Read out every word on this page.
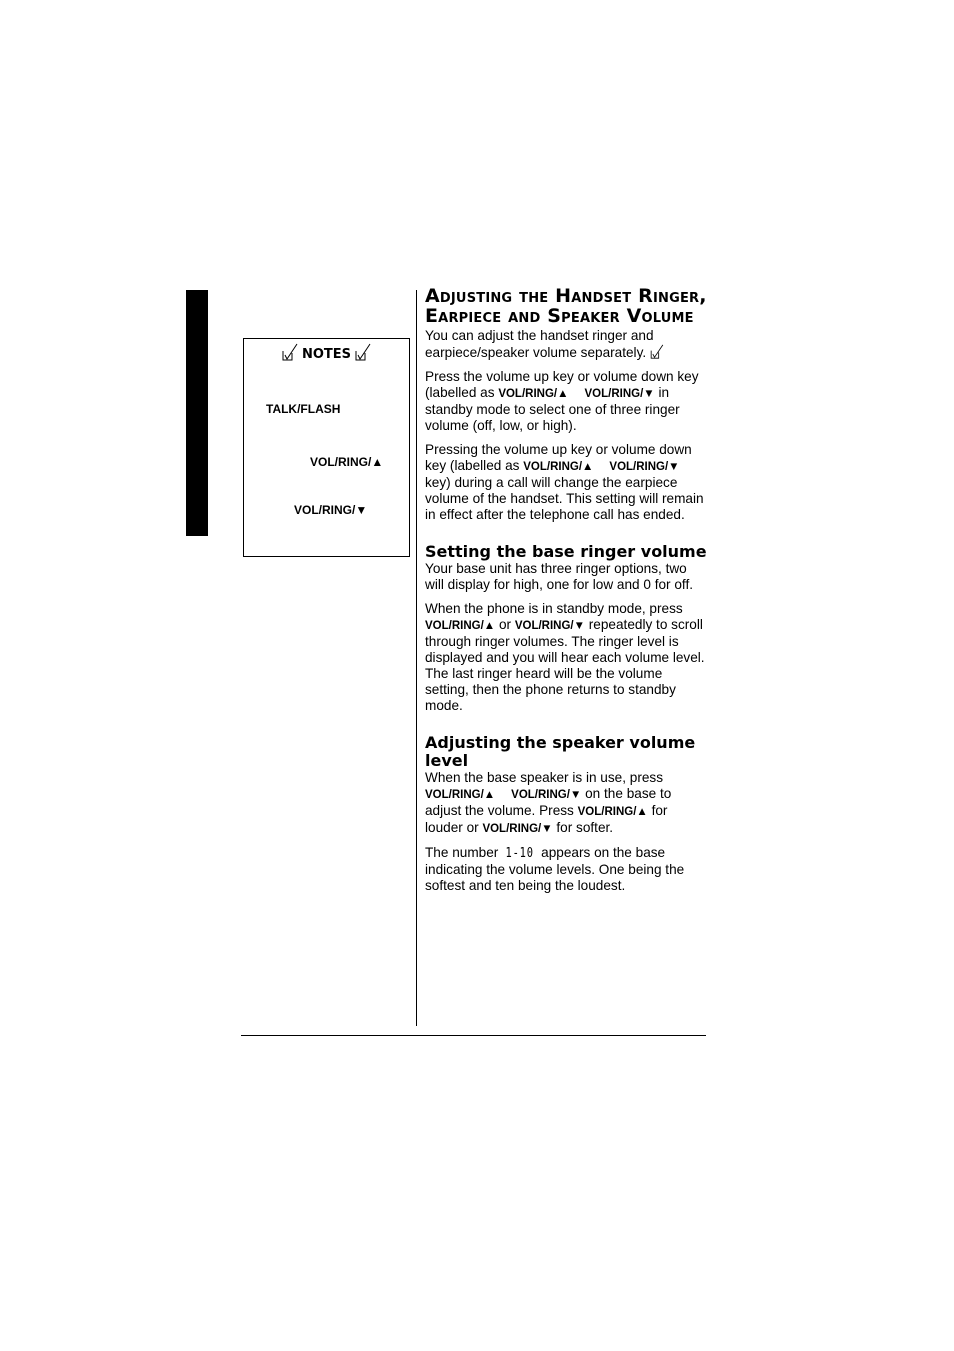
NOTES
TALK/FLASH
VOL/RING/▲
VOL/RING/▼
Adjusting the Handset Ringer, Earpiece and Speaker Volume

You can adjust the handset ringer and earpiece/speaker volume separately.

Press the volume up key or volume down key (labelled as VOL/RING/▲ VOL/RING/▼ in standby mode to select one of three ringer volume (off, low, or high).

Pressing the volume up key or volume down key (labelled as VOL/RING/▲ VOL/RING/▼ key) during a call will change the earpiece volume of the handset. This setting will remain in effect after the telephone call has ended.

Setting the base ringer volume

Your base unit has three ringer options, two will display for high, one for low and 0 for off.

When the phone is in standby mode, press VOL/RING/▲ or VOL/RING/▼ repeatedly to scroll through ringer volumes. The ringer level is displayed and you will hear each volume level. The last ringer heard will be the volume setting, then the phone returns to standby mode.

Adjusting the speaker volume level

When the base speaker is in use, press VOL/RING/▲ VOL/RING/▼ on the base to adjust the volume. Press VOL/RING/▲ for louder or VOL/RING/▼ for softer.

The number 1-10 appears on the base indicating the volume levels. One being the softest and ten being the loudest.
